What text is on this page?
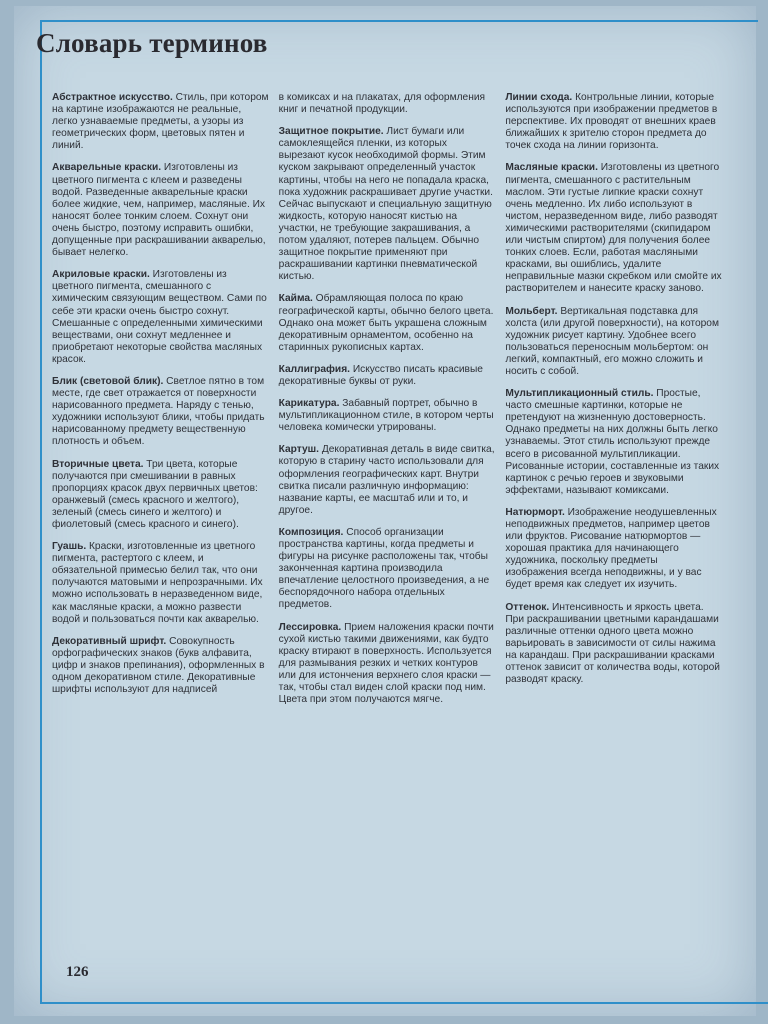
Словарь терминов

Абстрактное искусство. Стиль, при котором на картине изображаются не реальные, легко узнаваемые предметы, а узоры из геометрических форм, цветовых пятен и линий.

Акварельные краски. Изготовлены из цветного пигмента с клеем и разведены водой. Разведенные акварельные краски более жидкие, чем, например, масляные. Их наносят более тонким слоем. Сохнут они очень быстро, поэтому исправить ошибки, допущенные при раскрашивании акварелью, бывает нелегко.

Акриловые краски. Изготовлены из цветного пигмента, смешанного с химическим связующим веществом. Сами по себе эти краски очень быстро сохнут. Смешанные с определенными химическими веществами, они сохнут медленнее и приобретают некоторые свойства масляных красок.

Блик (световой блик). Светлое пятно в том месте, где свет отражается от поверхности нарисованного предмета. Наряду с тенью, художники используют блики, чтобы придать нарисованному предмету вещественную плотность и объем.

Вторичные цвета. Три цвета, которые получаются при смешивании в равных пропорциях красок двух первичных цветов: оранжевый (смесь красного и желтого), зеленый (смесь синего и желтого) и фиолетовый (смесь красного и синего).

Гуашь. Краски, изготовленные из цветного пигмента, растертого с клеем, и обязательной примесью белил так, что они получаются матовыми и непрозрачными. Их можно использовать в неразведенном виде, как масляные краски, а можно развести водой и пользоваться почти как акварелью.

Декоративный шрифт. Совокупность орфографических знаков (букв алфавита, цифр и знаков препинания), оформленных в одном декоративном стиле. Декоративные шрифты используют для надписей

в комиксах и на плакатах, для оформления книг и печатной продукции.

Защитное покрытие. Лист бумаги или самоклеящейся пленки, из которых вырезают кусок необходимой формы. Этим куском закрывают определенный участок картины, чтобы на него не попадала краска, пока художник раскрашивает другие участки. Сейчас выпускают и специальную защитную жидкость, которую наносят кистью на участки, не требующие закрашивания, а потом удаляют, потерев пальцем. Обычно защитное покрытие применяют при раскрашивании картинки пневматической кистью.

Кайма. Обрамляющая полоса по краю географической карты, обычно белого цвета. Однако она может быть украшена сложным декоративным орнаментом, особенно на старинных рукописных картах.

Каллиграфия. Искусство писать красивые декоративные буквы от руки.

Карикатура. Забавный портрет, обычно в мультипликационном стиле, в котором черты человека комически утрированы.

Картуш. Декоративная деталь в виде свитка, которую в старину часто использовали для оформления географических карт. Внутри свитка писали различную информацию: название карты, ее масштаб или и то, и другое.

Композиция. Способ организации пространства картины, когда предметы и фигуры на рисунке расположены так, чтобы законченная картина производила впечатление целостного произведения, а не беспорядочного набора отдельных предметов.

Лессировка. Прием наложения краски почти сухой кистью такими движениями, как будто краску втирают в поверхность. Используется для размывания резких и четких контуров или для истончения верхнего слоя краски — так, чтобы стал виден слой краски под ним. Цвета при этом получаются мягче.

Линии схода. Контрольные линии, которые используются при изображении предметов в перспективе. Их проводят от внешних краев ближайших к зрителю сторон предмета до точек схода на линии горизонта.

Масляные краски. Изготовлены из цветного пигмента, смешанного с растительным маслом. Эти густые липкие краски сохнут очень медленно. Их либо используют в чистом, неразведенном виде, либо разводят химическими растворителями (скипидаром или чистым спиртом) для получения более тонких слоев. Если, работая масляными красками, вы ошиблись, удалите неправильные мазки скребком или смойте их растворителем и нанесите краску заново.

Мольберт. Вертикальная подставка для холста (или другой поверхности), на котором художник рисует картину. Удобнее всего пользоваться переносным мольбертом: он легкий, компактный, его можно сложить и носить с собой.

Мультипликационный стиль. Простые, часто смешные картинки, которые не претендуют на жизненную достоверность. Однако предметы на них должны быть легко узнаваемы. Этот стиль используют прежде всего в рисованной мультипликации. Рисованные истории, составленные из таких картинок с речью героев и звуковыми эффектами, называют комиксами.

Натюрморт. Изображение неодушевленных неподвижных предметов, например цветов или фруктов. Рисование натюрмортов — хорошая практика для начинающего художника, поскольку предметы изображения всегда неподвижны, и у вас будет время как следует их изучить.

Оттенок. Интенсивность и яркость цвета. При раскрашивании цветными карандашами различные оттенки одного цвета можно варьировать в зависимости от силы нажима на карандаш. При раскрашивании красками оттенок зависит от количества воды, которой разводят краску.

126
